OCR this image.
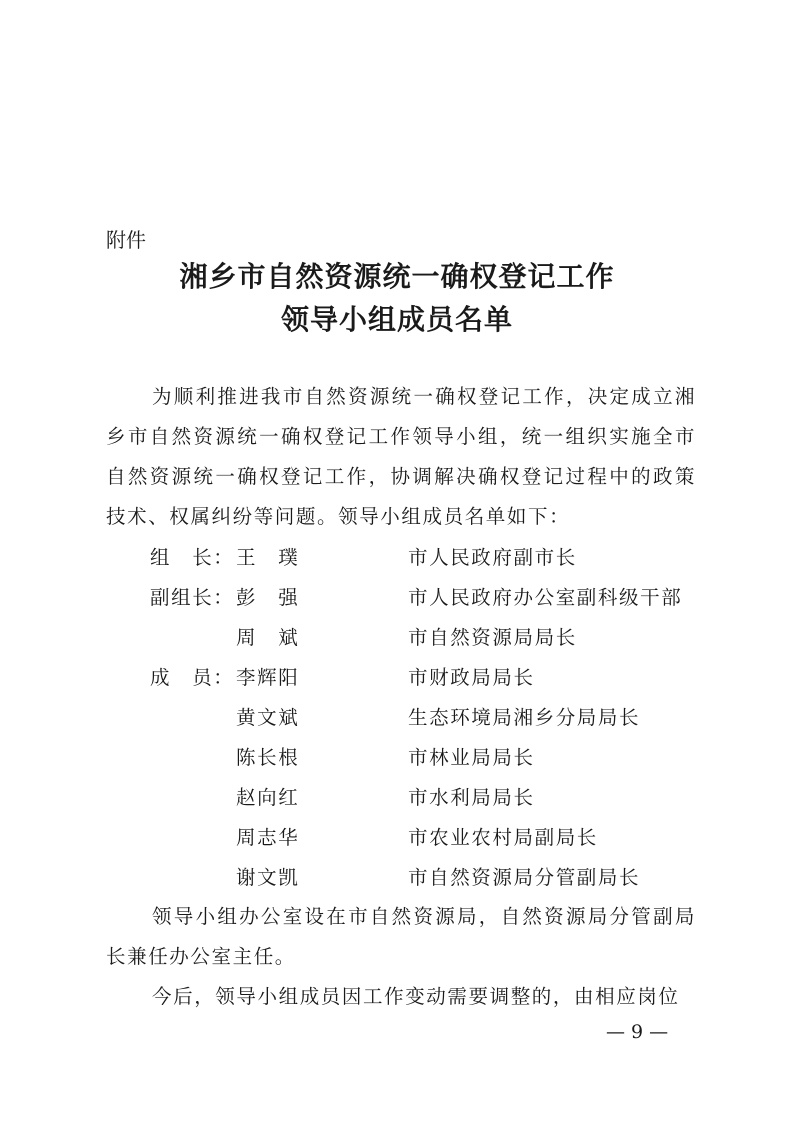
附件
湘乡市自然资源统一确权登记工作
领导小组成员名单
为顺利推进我市自然资源统一确权登记工作，决定成立湘乡市自然资源统一确权登记工作领导小组，统一组织实施全市自然资源统一确权登记工作，协调解决确权登记过程中的政策技术、权属纠纷等问题。领导小组成员名单如下：
组　长： 王　璞	市人民政府副市长
副组长： 彭　强	市人民政府办公室副科级干部
周　斌	市自然资源局局长
成　员： 李辉阳	市财政局局长
黄文斌	生态环境局湘乡分局局长
陈长根	市林业局局长
赵向红	市水利局局长
周志华	市农业农村局副局长
谢文凯	市自然资源局分管副局长
领导小组办公室设在市自然资源局，自然资源局分管副局长兼任办公室主任。
今后，领导小组成员因工作变动需要调整的，由相应岗位
— 9 —
